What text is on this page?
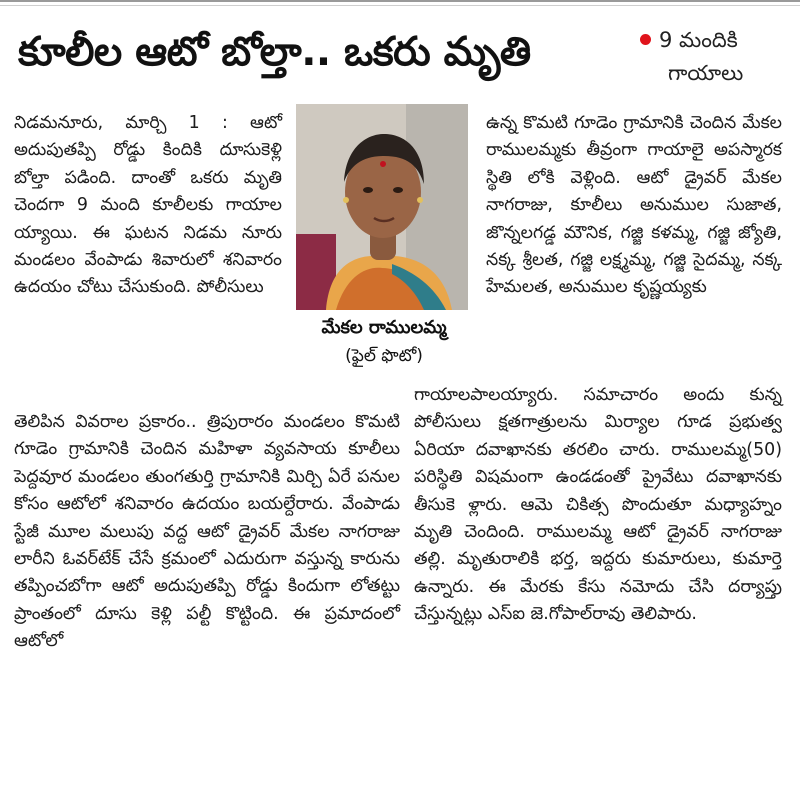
కూలీల ఆటో బోల్తా.. ఒకరు మృతి	9 మందికి
గాయాలు

నిడమనూరు, మార్చి 1 : ఆటో అదుపుతప్పి రోడ్డు కిందికి దూసుకెళ్లి బోల్తా పడింది. దాంతో ఒకరు మృతి చెందగా 9 మంది కూలీలకు గాయాల య్యాయి. ఈ ఘటన నిడమ నూరు మండలం వేంపాడు శివారులో శనివారం ఉదయం చోటు చేసుకుంది. పోలీసులు

మేకల రాములమ్మ
(ఫైల్ ఫొటో)

ఉన్న కొమటి గూడెం గ్రామానికి చెందిన మేకల రాములమ్మకు తీవ్రంగా గాయాలై అపస్మారక స్థితి లోకి వెళ్లింది. ఆటో డ్రైవర్ మేకల నాగరాజు, కూలీలు అనుముల సుజాత, జొన్నలగడ్డ మౌనిక, గజ్జి కళమ్మ, గజ్జి జ్యోతి, నక్క శ్రీలత, గజ్జి లక్ష్మమ్మ, గజ్జి సైదమ్మ, నక్క హేమలత, అనుముల కృష్ణయ్యకు

తెలిపిన వివరాల ప్రకారం.. త్రిపురారం మండలం కొమటి గూడెం గ్రామానికి చెందిన మహిళా వ్యవసాయ కూలీలు పెద్దవూర మండలం తుంగతుర్తి గ్రామానికి మిర్చి ఏరే పనుల కోసం ఆటోలో శనివారం ఉదయం బయల్దేరారు. వేంపాడు స్టేజీ మూల మలుపు వద్ద ఆటో డ్రైవర్ మేకల నాగరాజు లారీని ఓవర్‌టేక్ చేసే క్రమంలో ఎదురుగా వస్తున్న కారును తప్పించబోగా ఆటో అదుపుతప్పి రోడ్డు కిందుగా లోతట్టు ప్రాంతంలో దూసు కెళ్లి పల్టీ కొట్టింది. ఈ ప్రమాదంలో ఆటోలో

గాయాలపాలయ్యారు. సమాచారం అందు కున్న పోలీసులు క్షతగాత్రులను మిర్యాల గూడ ప్రభుత్వ ఏరియా దవాఖానకు తరలిం చారు. రాములమ్మ(50) పరిస్థితి విషమంగా ఉండడంతో ప్రైవేటు దవాఖానకు తీసుకె ళ్లారు. ఆమె చికిత్స పొందుతూ మధ్యాహ్నం మృతి చెందింది. రాములమ్మ ఆటో డ్రైవర్ నాగరాజు తల్లి. మృతురాలికి భర్త, ఇద్దరు కుమారులు, కుమార్తె ఉన్నారు. ఈ మేరకు కేసు నమోదు చేసి దర్యాప్తు చేస్తున్నట్లు ఎస్ఐ జె.గోపాల్‌రావు తెలిపారు.
